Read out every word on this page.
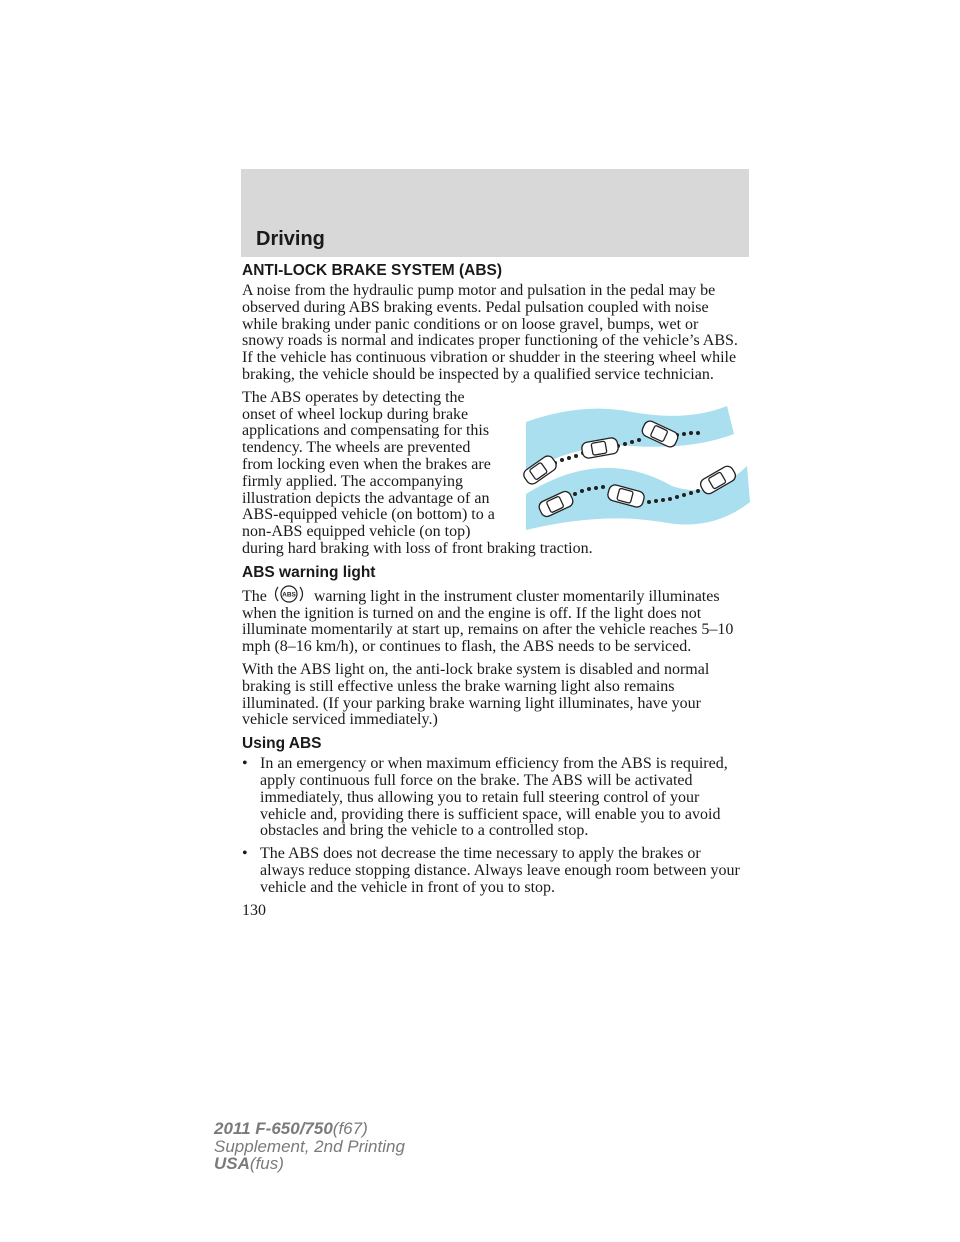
Driving
ANTI-LOCK BRAKE SYSTEM (ABS)

A noise from the hydraulic pump motor and pulsation in the pedal may be observed during ABS braking events. Pedal pulsation coupled with noise while braking under panic conditions or on loose gravel, bumps, wet or snowy roads is normal and indicates proper functioning of the vehicle’s ABS. If the vehicle has continuous vibration or shudder in the steering wheel while braking, the vehicle should be inspected by a qualified service technician.

The ABS operates by detecting the onset of wheel lockup during brake applications and compensating for this tendency. The wheels are prevented from locking even when the brakes are firmly applied. The accompanying illustration depicts the advantage of an ABS-equipped vehicle (on bottom) to a non-ABS equipped vehicle (on top) during hard braking with loss of front braking traction.

ABS warning light

The ABS warning light in the instrument cluster momentarily illuminates when the ignition is turned on and the engine is off. If the light does not illuminate momentarily at start up, remains on after the vehicle reaches 5–10 mph (8–16 km/h), or continues to flash, the ABS needs to be serviced.

With the ABS light on, the anti-lock brake system is disabled and normal braking is still effective unless the brake warning light also remains illuminated. (If your parking brake warning light illuminates, have your vehicle serviced immediately.)

Using ABS
• In an emergency or when maximum efficiency from the ABS is required, apply continuous full force on the brake. The ABS will be activated immediately, thus allowing you to retain full steering control of your vehicle and, providing there is sufficient space, will enable you to avoid obstacles and bring the vehicle to a controlled stop.
• The ABS does not decrease the time necessary to apply the brakes or always reduce stopping distance. Always leave enough room between your vehicle and the vehicle in front of you to stop.
130
2011 F-650/750(f67)
Supplement, 2nd Printing
USA(fus)
